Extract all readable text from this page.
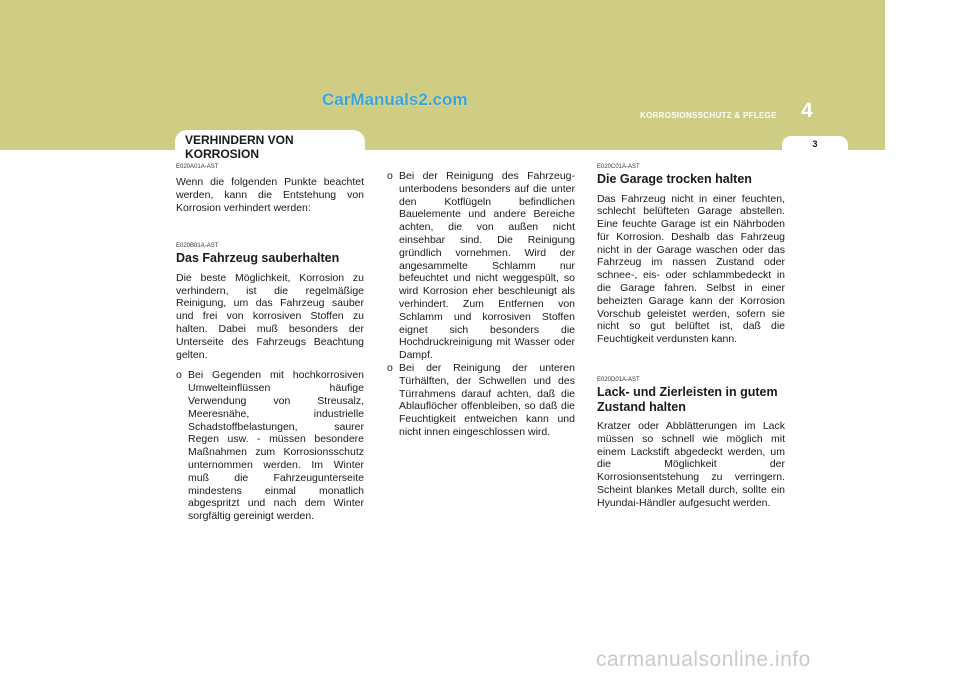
CarManuals2.com	4
KORROSIONSSCHUTZ & PFLEGE
3
VERHINDERN VON KORROSION

E020A01A-AST

Wenn die folgenden Punkte beachtet werden, kann die Entstehung von Korrosion verhindert werden:

E020B01A-AST

Das Fahrzeug sauberhalten

Die beste Möglichkeit, Korrosion zu verhindern, ist die regelmäßige Reinigung, um das Fahrzeug sauber und frei von korrosiven Stoffen zu halten. Dabei muß besonders der Unterseite des Fahrzeugs Beachtung gelten.

o Bei Gegenden mit hochkorrosiven Umwelteinflüssen häufige Verwendung von Streusalz, Meeresnähe, industrielle Schadstoffbelastungen, saurer Regen usw. - müssen besondere Maßnahmen zum Korrosionsschutz unternommen werden. Im Winter muß die Fahrzeugunterseite mindestens einmal monatlich abgespritzt und nach dem Winter sorgfältig gereinigt werden.
o Bei der Reinigung des Fahrzeug-unterbodens besonders auf die unter den Kotflügeln befindlichen Bauelemente und andere Bereiche achten, die von außen nicht einsehbar sind. Die Reinigung gründlich vornehmen. Wird der angesammelte Schlamm nur befeuchtet und nicht weggespült, so wird Korrosion eher beschleunigt als verhindert. Zum Entfernen von Schlamm und korrosiven Stoffen eignet sich besonders die Hochdruckreinigung mit Wasser oder Dampf.
o Bei der Reinigung der unteren Türhälften, der Schwellen und des Türrahmens darauf achten, daß die Ablauflöcher offenbleiben, so daß die Feuchtigkeit entweichen kann und nicht innen eingeschlossen wird.

E020C01A-AST

Die Garage trocken halten

Das Fahrzeug nicht in einer feuchten, schlecht belüfteten Garage abstellen. Eine feuchte Garage ist ein Nährboden für Korrosion. Deshalb das Fahrzeug nicht in der Garage waschen oder das Fahrzeug im nassen Zustand oder schnee-, eis- oder schlammbedeckt in die Garage fahren. Selbst in einer beheizten Garage kann der Korrosion Vorschub geleistet werden, sofern sie nicht so gut belüftet ist, daß die Feuchtigkeit verdunsten kann.

E020D01A-AST

Lack- und Zierleisten in gutem Zustand halten

Kratzer oder Abblätterungen im Lack müssen so schnell wie möglich mit einem Lackstift abgedeckt werden, um die Möglichkeit der Korrosionsentstehung zu verringern. Scheint blankes Metall durch, sollte ein Hyundai-Händler aufgesucht werden.

carmanualsonline.info
